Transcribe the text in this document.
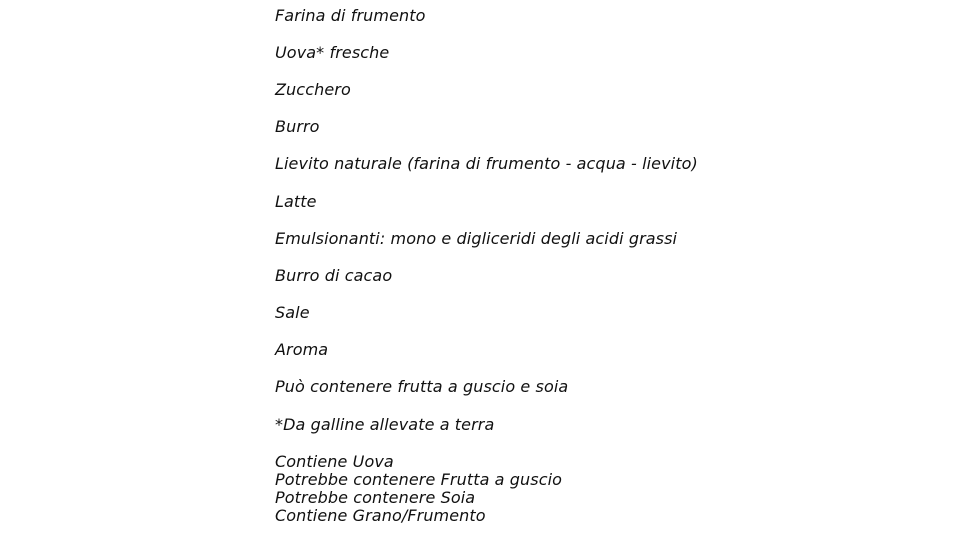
Farina di frumento
Uova* fresche
Zucchero
Burro
Lievito naturale (farina di frumento - acqua - lievito)
Latte
Emulsionanti: mono e digliceridi degli acidi grassi
Burro di cacao
Sale
Aroma
Può contenere frutta a guscio e soia
*Da galline allevate a terra
Contiene Uova
Potrebbe contenere Frutta a guscio
Potrebbe contenere Soia
Contiene Grano/Frumento
